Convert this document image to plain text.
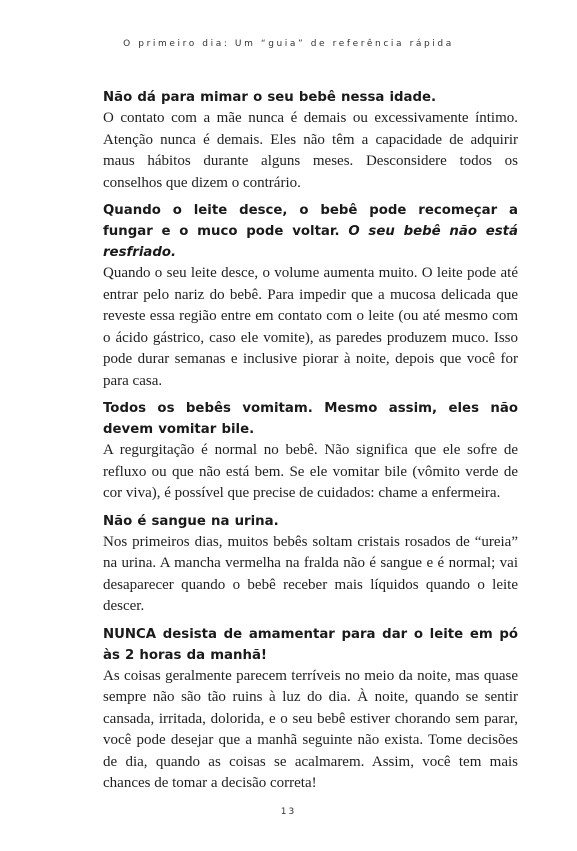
O primeiro dia: Um “guia” de referência rápida

Não dá para mimar o seu bebê nessa idade.

O contato com a mãe nunca é demais ou excessivamente íntimo. Atenção nunca é demais. Eles não têm a capacidade de adquirir maus hábitos durante alguns meses. Desconsidere todos os conselhos que dizem o contrário.

Quando o leite desce, o bebê pode recomeçar a fungar e o muco pode voltar. O seu bebê não está resfriado.

Quando o seu leite desce, o volume aumenta muito. O leite pode até entrar pelo nariz do bebê. Para impedir que a mucosa delicada que reveste essa região entre em contato com o leite (ou até mesmo com o ácido gástrico, caso ele vomite), as paredes produzem muco. Isso pode durar semanas e inclusive piorar à noite, depois que você for para casa.

Todos os bebês vomitam. Mesmo assim, eles não devem vomitar bile.

A regurgitação é normal no bebê. Não significa que ele sofre de refluxo ou que não está bem. Se ele vomitar bile (vômito verde de cor viva), é possível que precise de cuidados: chame a enfermeira.

Não é sangue na urina.

Nos primeiros dias, muitos bebês soltam cristais rosados de “ureia” na urina. A mancha vermelha na fralda não é sangue e é normal; vai desaparecer quando o bebê receber mais líquidos quando o leite descer.

NUNCA desista de amamentar para dar o leite em pó às 2 horas da manhã!

As coisas geralmente parecem terríveis no meio da noite, mas quase sempre não são tão ruins à luz do dia. À noite, quando se sentir cansada, irritada, dolorida, e o seu bebê estiver chorando sem parar, você pode desejar que a manhã seguinte não exista. Tome decisões de dia, quando as coisas se acalmarem. Assim, você tem mais chances de tomar a decisão correta!

13
